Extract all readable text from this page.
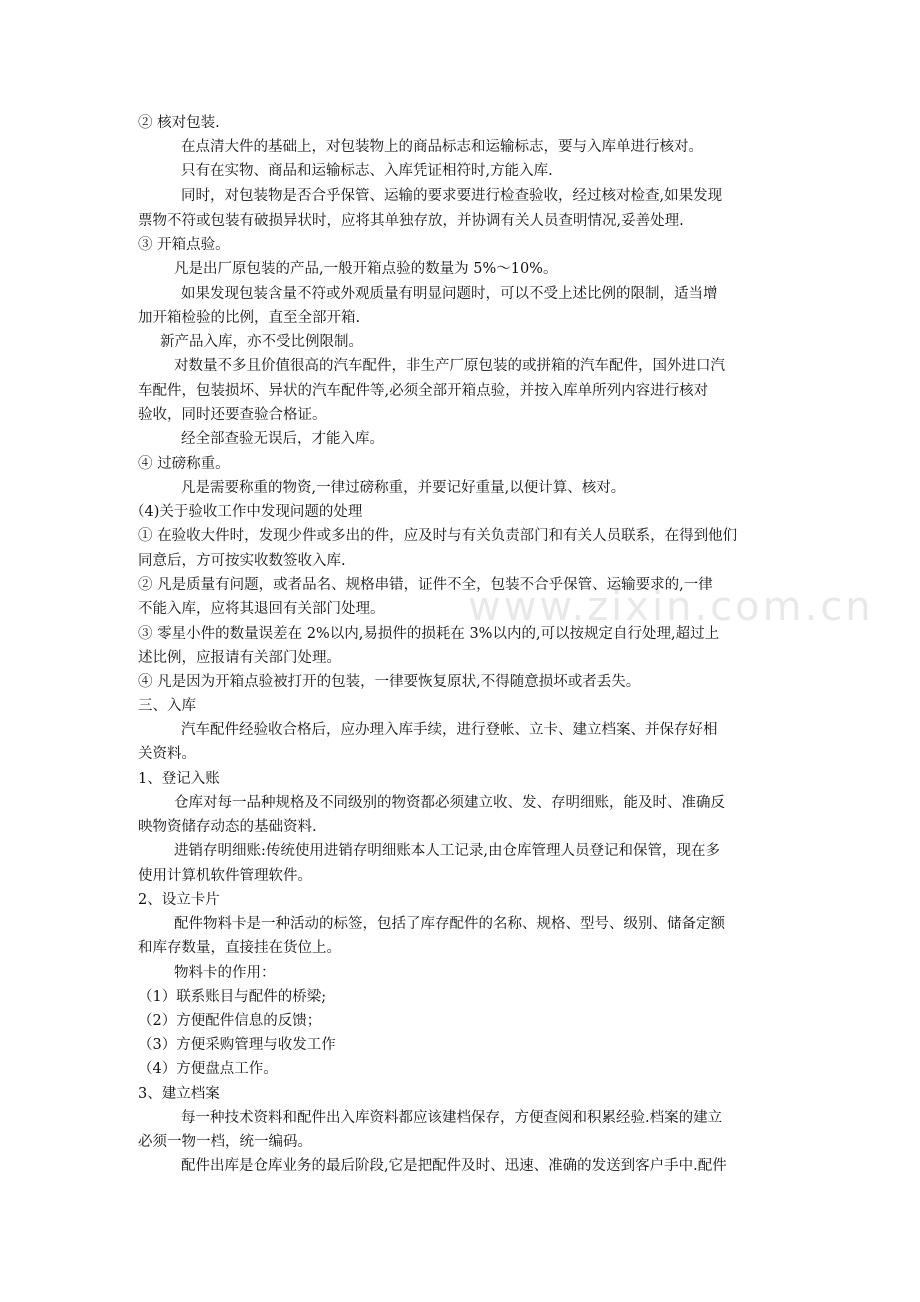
② 核对包装.
在点清大件的基础上，对包装物上的商品标志和运输标志，要与入库单进行核对。
只有在实物、商品和运输标志、入库凭证相符时,方能入库.
同时，对包装物是否合乎保管、运输的要求要进行检查验收，经过核对检查,如果发现
票物不符或包装有破损异状时，应将其单独存放，并协调有关人员查明情况,妥善处理.
③ 开箱点验。
凡是出厂原包装的产品,一般开箱点验的数量为 5%～10%。
如果发现包装含量不符或外观质量有明显问题时，可以不受上述比例的限制，适当增
加开箱检验的比例，直至全部开箱.
新产品入库，亦不受比例限制。
对数量不多且价值很高的汽车配件，非生产厂原包装的或拼箱的汽车配件，国外进口汽
车配件，包装损坏、异状的汽车配件等,必须全部开箱点验，并按入库单所列内容进行核对
验收，同时还要查验合格证。
经全部查验无误后，才能入库。
④ 过磅称重。
凡是需要称重的物资,一律过磅称重，并要记好重量,以便计算、核对。
（4)关于验收工作中发现问题的处理
① 在验收大件时，发现少件或多出的件，应及时与有关负责部门和有关人员联系，在得到他们
同意后，方可按实收数签收入库.
② 凡是质量有问题，或者品名、规格串错，证件不全，包装不合乎保管、运输要求的,一律
不能入库，应将其退回有关部门处理。
③ 零星小件的数量误差在 2%以内,易损件的损耗在 3%以内的,可以按规定自行处理,超过上
述比例，应报请有关部门处理。
④ 凡是因为开箱点验被打开的包装，一律要恢复原状,不得随意损坏或者丢失。
三、入库
汽车配件经验收合格后，应办理入库手续，进行登帐、立卡、建立档案、并保存好相
关资料。
1、登记入账
仓库对每一品种规格及不同级别的物资都必须建立收、发、存明细账，能及时、准确反
映物资储存动态的基础资料.
进销存明细账:传统使用进销存明细账本人工记录,由仓库管理人员登记和保管，现在多
使用计算机软件管理软件。
2、设立卡片
配件物料卡是一种活动的标签，包括了库存配件的名称、规格、型号、级别、储备定额
和库存数量，直接挂在货位上。
物料卡的作用：
（1）联系账目与配件的桥梁;
（2）方便配件信息的反馈；
（3）方便采购管理与收发工作
（4）方便盘点工作。
3、建立档案
每一种技术资料和配件出入库资料都应该建档保存，方便查阅和积累经验.档案的建立
必须一物一档，统一编码。
配件出库是仓库业务的最后阶段,它是把配件及时、迅速、准确的发送到客户手中.配件
www.zixin.com.cn
